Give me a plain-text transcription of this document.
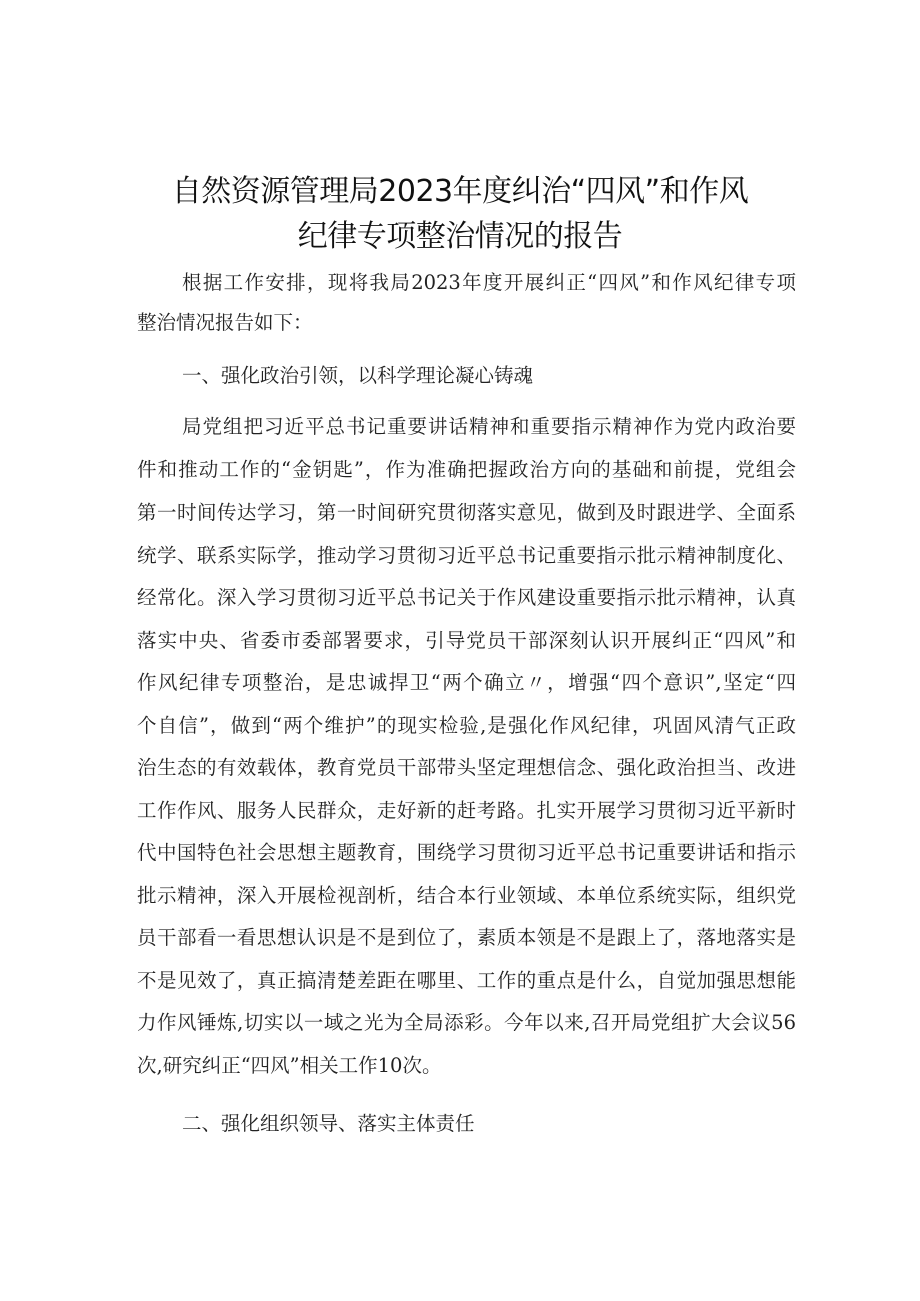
自然资源管理局2023年度纠治“四风”和作风
纪律专项整治情况的报告
根据工作安排，现将我局2023年度开展纠正“四风”和作风纪律专项
整治情况报告如下：
一、强化政治引领，以科学理论凝心铸魂
局党组把习近平总书记重要讲话精神和重要指示精神作为党内政治要
件和推动工作的“金钥匙”，作为准确把握政治方向的基础和前提，党组会
第一时间传达学习，第一时间研究贯彻落实意见，做到及时跟进学、全面系
统学、联系实际学，推动学习贯彻习近平总书记重要指示批示精神制度化、
经常化。深入学习贯彻习近平总书记关于作风建设重要指示批示精神，认真
落实中央、省委市委部署要求，引导党员干部深刻认识开展纠正“四风”和
作风纪律专项整治，是忠诚捍卫“两个确立〃，增强“四个意识”,坚定“四
个自信”，做到“两个维护”的现实检验,是强化作风纪律，巩固风清气正政
治生态的有效载体，教育党员干部带头坚定理想信念、强化政治担当、改进
工作作风、服务人民群众，走好新的赶考路。扎实开展学习贯彻习近平新时
代中国特色社会思想主题教育，围绕学习贯彻习近平总书记重要讲话和指示
批示精神，深入开展检视剖析，结合本行业领域、本单位系统实际，组织党
员干部看一看思想认识是不是到位了，素质本领是不是跟上了，落地落实是
不是见效了，真正搞清楚差距在哪里、工作的重点是什么，自觉加强思想能
力作风锤炼,切实以一域之光为全局添彩。今年以来,召开局党组扩大会议56
次,研究纠正“四风”相关工作10次。
二、强化组织领导、落实主体责任
